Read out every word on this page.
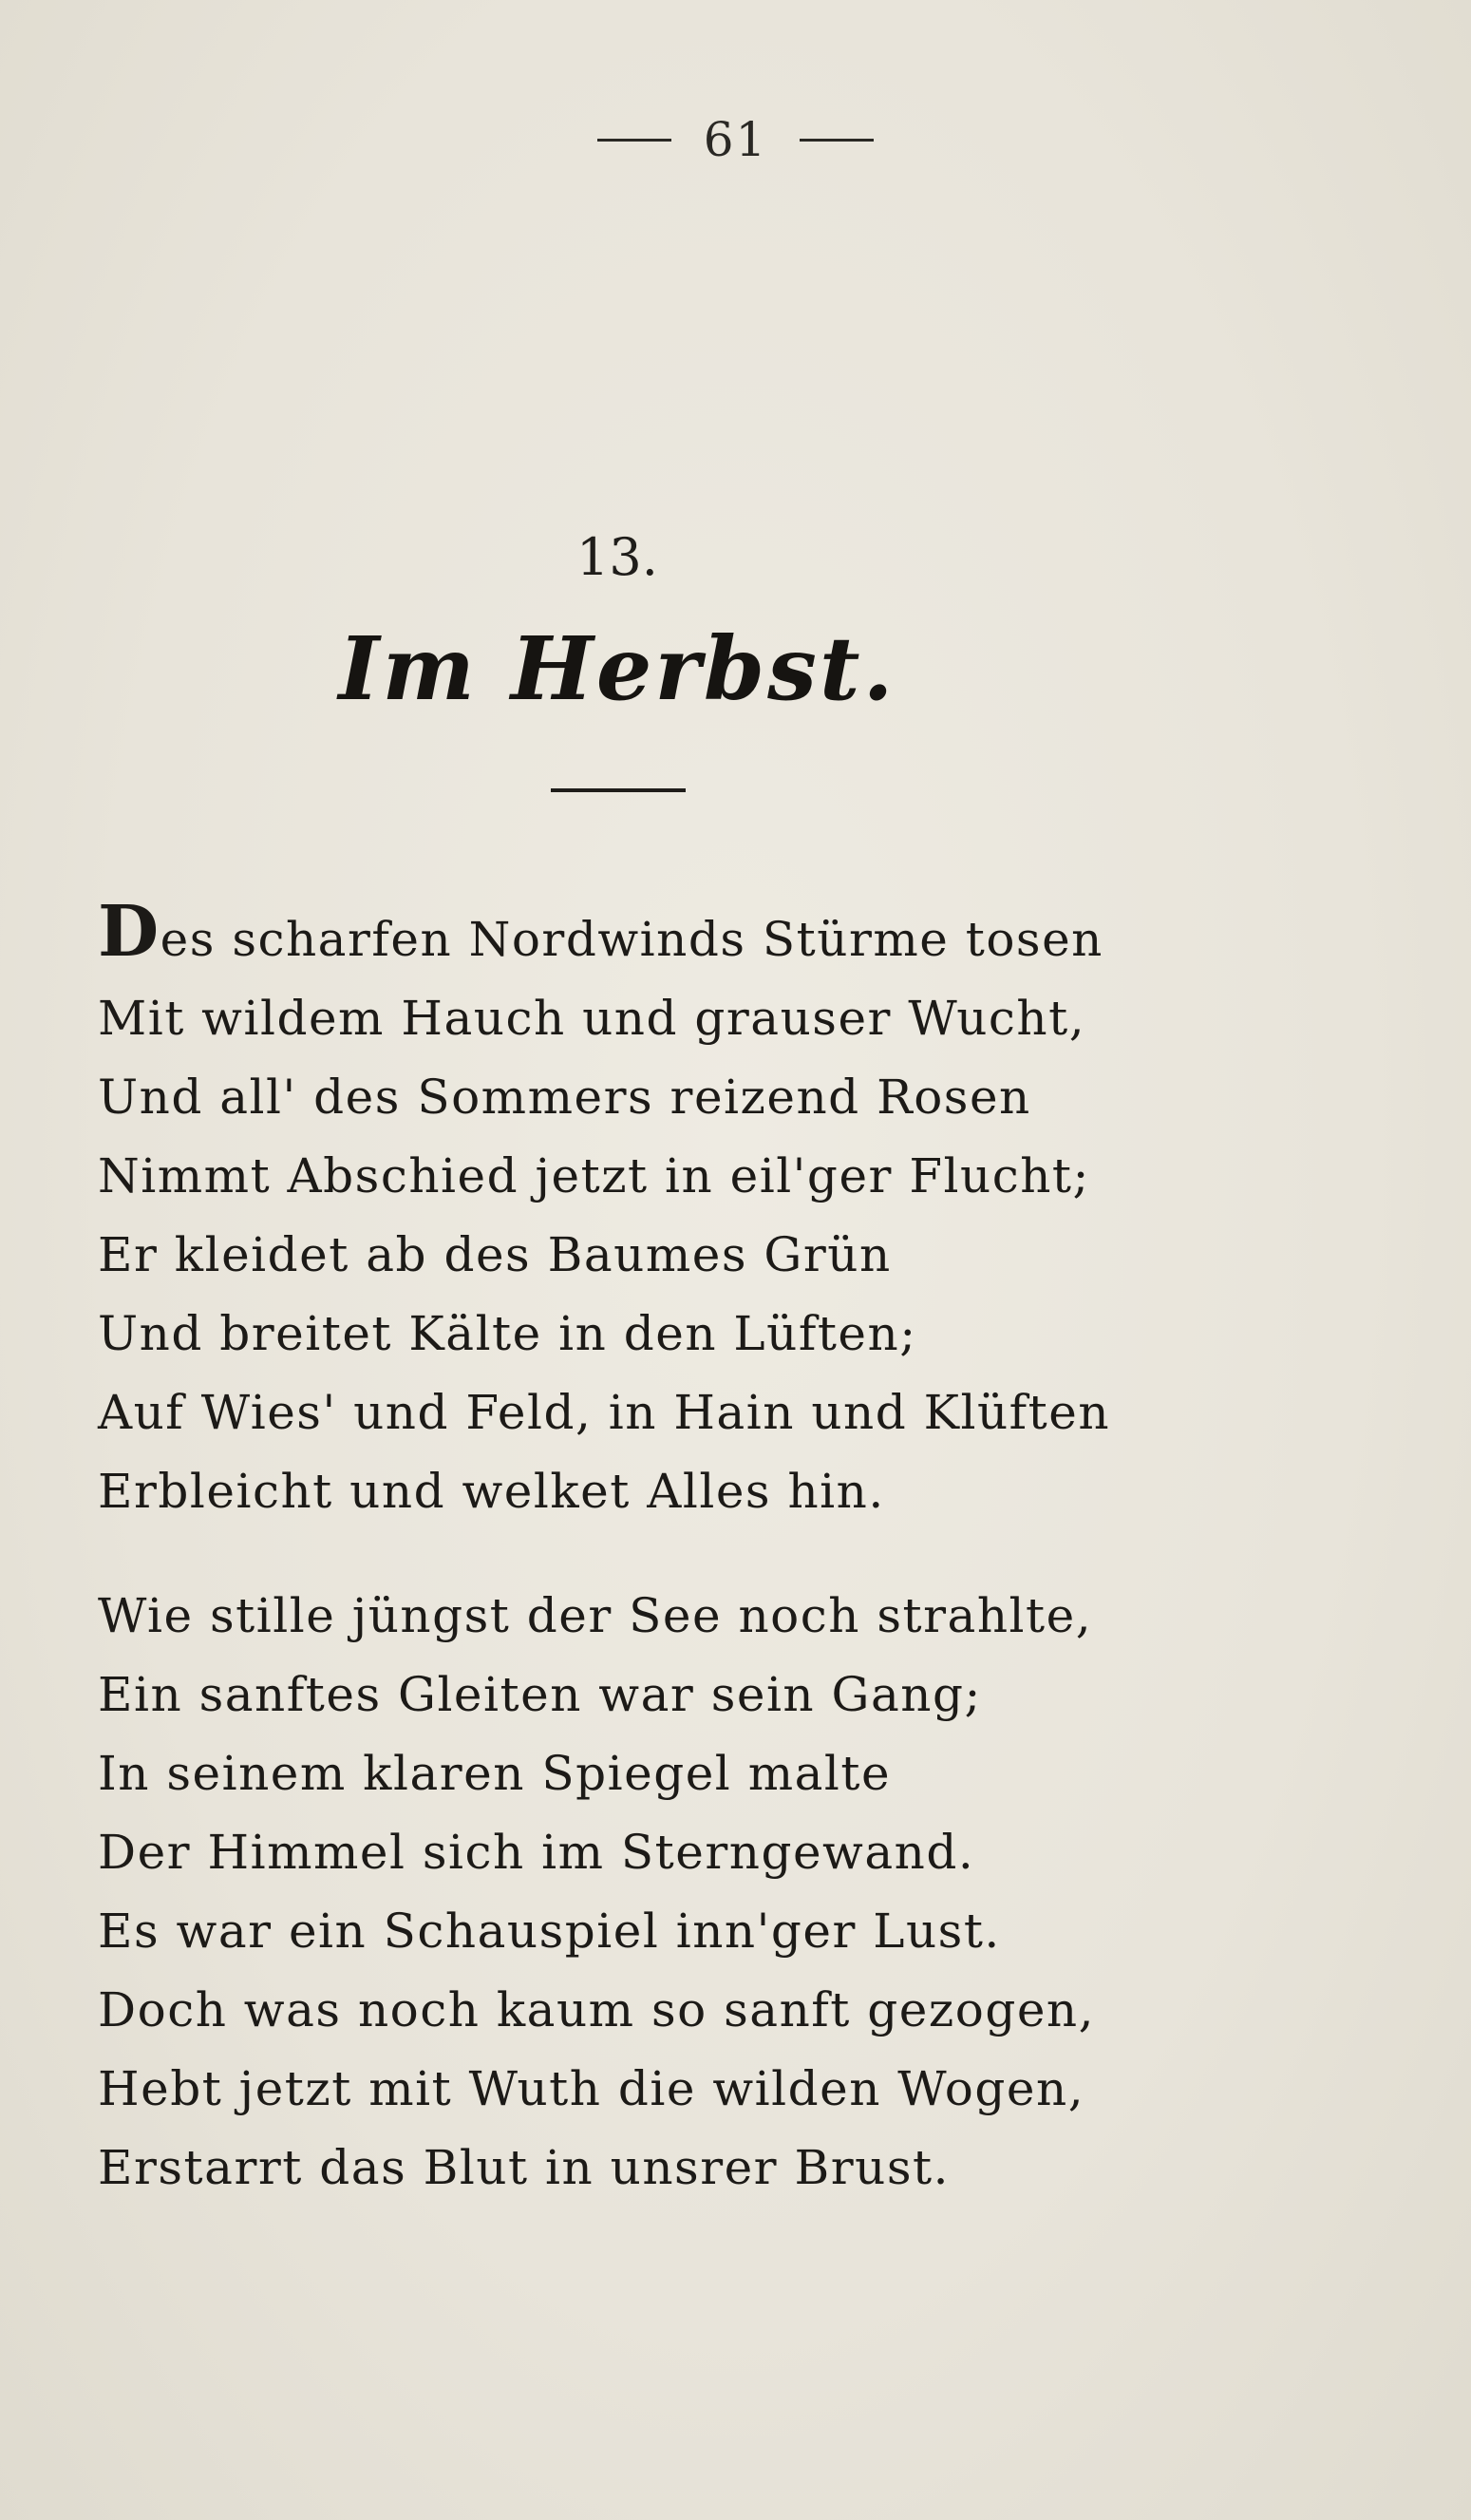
61
13.
Im Herbst.
Des scharfen Nordwinds Stürme tosen
Mit wildem Hauch und grauser Wucht,
Und all' des Sommers reizend Rosen
Nimmt Abschied jetzt in eil'ger Flucht;
Er kleidet ab des Baumes Grün
Und breitet Kälte in den Lüften;
Auf Wies' und Feld, in Hain und Klüften
Erbleicht und welket Alles hin.
Wie stille jüngst der See noch strahlte,
Ein sanftes Gleiten war sein Gang;
In seinem klaren Spiegel malte
Der Himmel sich im Sterngewand.
Es war ein Schauspiel inn'ger Lust.
Doch was noch kaum so sanft gezogen,
Hebt jetzt mit Wuth die wilden Wogen,
Erstarrt das Blut in unsrer Brust.
